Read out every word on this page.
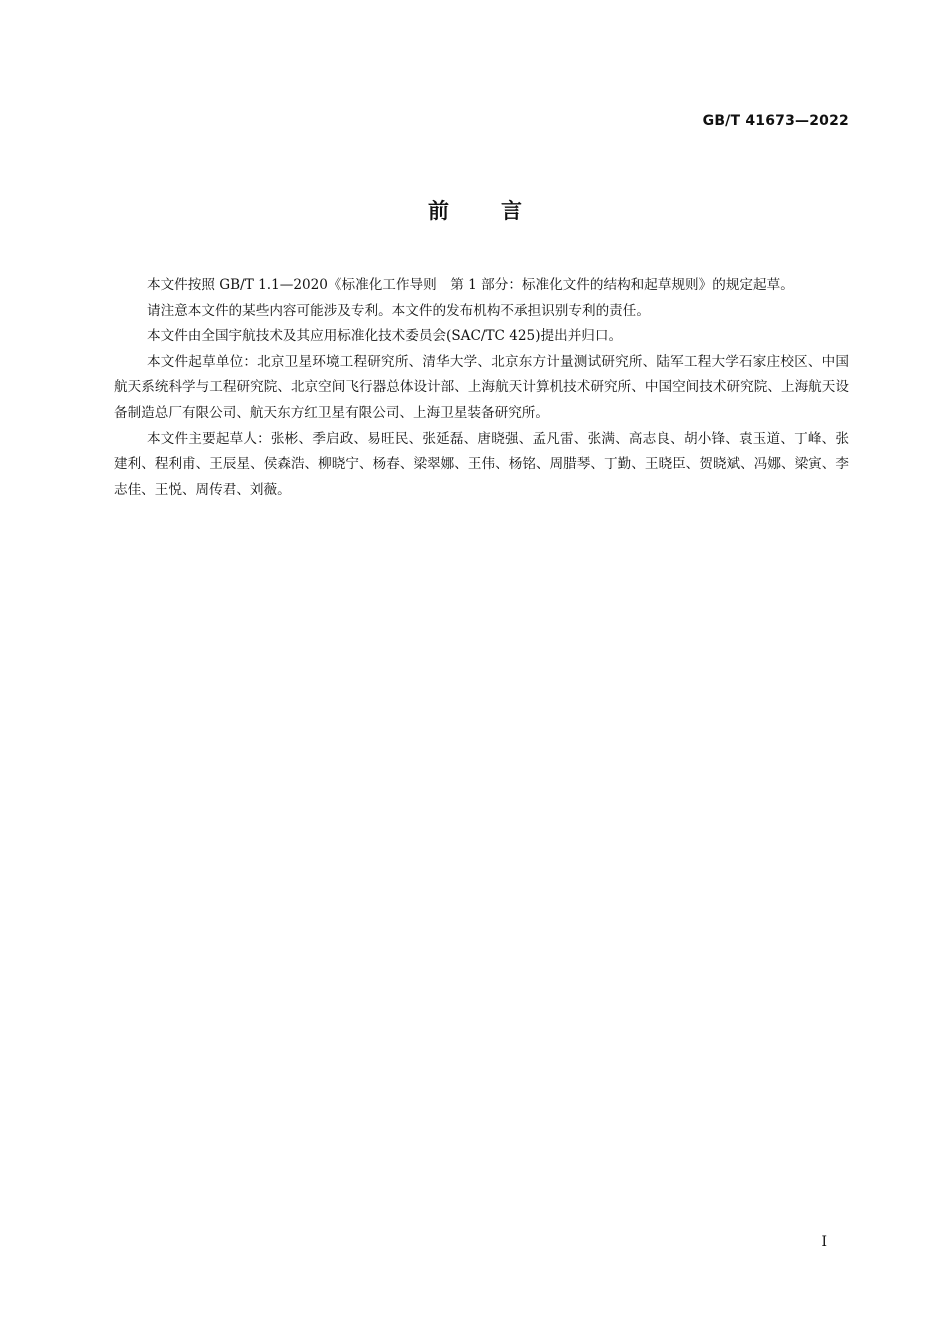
GB/T 41673—2022
前言

本文件按照 GB/T 1.1—2020《标准化工作导则　第 1 部分：标准化文件的结构和起草规则》的规定起草。

请注意本文件的某些内容可能涉及专利。本文件的发布机构不承担识别专利的责任。

本文件由全国宇航技术及其应用标准化技术委员会(SAC/TC 425)提出并归口。

本文件起草单位：北京卫星环境工程研究所、清华大学、北京东方计量测试研究所、陆军工程大学石家庄校区、中国航天系统科学与工程研究院、北京空间飞行器总体设计部、上海航天计算机技术研究所、中国空间技术研究院、上海航天设备制造总厂有限公司、航天东方红卫星有限公司、上海卫星装备研究所。

本文件主要起草人：张彬、季启政、易旺民、张延磊、唐晓强、孟凡雷、张满、高志良、胡小锋、袁玉道、丁峰、张建利、程利甫、王辰星、侯森浩、柳晓宁、杨春、梁翠娜、王伟、杨铭、周腊琴、丁勤、王晓臣、贺晓斌、冯娜、梁寅、李志佳、王悦、周传君、刘薇。

I
